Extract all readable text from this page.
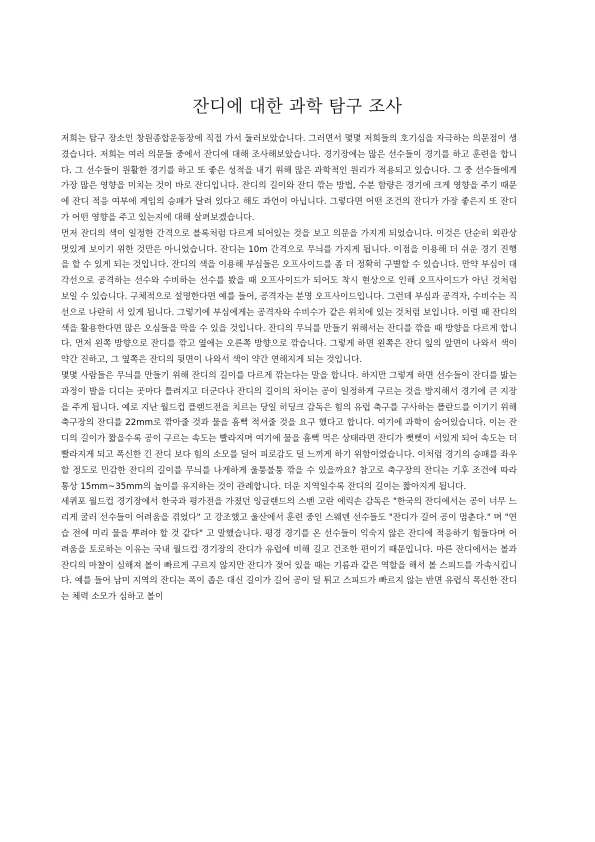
잔디에 대한 과학 탐구 조사

저희는 탐구 장소인 창원종합운동장에 직접 가서 둘러보았습니다. 그러면서 몇몇 저희들의 호기심을 자극하는 의문점이 생겼습니다. 저희는 여러 의문들 중에서 잔디에 대해 조사해보았습니다. 경기장에는 많은 선수들이 경기를 하고 훈련을 합니다. 그 선수들이 원활한 경기를 하고 또 좋은 성적을 내기 위해 많은 과학적인 원리가 적용되고 있습니다. 그 중 선수들에게 가장 많은 영향을 미치는 것이 바로 잔디입니다. 잔디의 길이와 잔디 깎는 방법, 수분 함량은 경기에 크게 영향을 주기 때문에 잔디 적응 여부에 게임의 승패가 달려 있다고 해도 과언이 아닙니다. 그렇다면 어떤 조건의 잔디가 가장 좋은지 또 잔디가 어떤 영향을 주고 있는지에 대해 살펴보겠습니다.

먼저 잔디의 색이 일정한 간격으로 블록처럼 다르게 되어있는 것을 보고 의문을 가지게 되었습니다. 이것은 단순히 외관상 멋있게 보이기 위한 것만은 아니었습니다. 잔디는 10m 간격으로 무늬를 가지게 됩니다. 이점을 이용해 더 쉬운 경기 진행을 할 수 있게 되는 것입니다. 잔디의 색을 이용해 부심들은 오프사이드를 좀 더 정확히 구별할 수 있습니다. 만약 부심이 대각선으로 공격하는 선수와 수비하는 선수를 봤을 때 오프사이드가 되어도 착시 현상으로 인해 오프사이드가 아닌 것처럼 보일 수 있습니다. 구체적으로 설명한다면 예를 들어, 공격자는 분명 오프사이드입니다. 그런데 부심과 공격자, 수비수는 직선으로 나란히 서 있게 됩니다. 그렇기에 부심에게는 공격자와 수비수가 같은 위치에 있는 것처럼 보입니다. 이럴 때 잔디의 색을 활용한다면 많은 오심들을 막을 수 있을 것입니다. 잔디의 무늬를 만들기 위해서는 잔디를 깎을 때 방향을 다르게 합니다. 먼저 왼쪽 방향으로 잔디를 깎고 옆에는 오른쪽 방향으로 깎습니다. 그렇게 하면 왼쪽은 잔디 잎의 앞면이 나와서 색이 약간 진하고, 그 옆쪽은 잔디의 뒷면이 나와서 색이 약간 연해지게 되는 것입니다.

몇몇 사람들은 무늬를 만들기 위해 잔디의 길이를 다르게 깎는다는 말을 합니다. 하지만 그렇게 하면 선수들이 잔디를 밟는 과정이 발을 디디는 곳마다 틀려지고 더군다나 잔디의 길이의 차이는 공이 일정하게 구르는 것을 방지해서 경기에 큰 지장을 주게 됩니다. 예로 지난 월드컵 플랜드전을 치르는 당일 히딩크 감독은 힘의 유럽 축구를 구사하는 폴란드를 이기기 위해 축구장의 잔디를 22mm로 깎아줄 것과 물을 흠뻑 적셔줄 것을 요구 했다고 합니다. 여기에 과학이 숨어있습니다. 이는 잔디의 길이가 짧을수록 공이 구르는 속도는 빨라지며 여기에 물을 흠뻑 먹은 상태라면 잔디가 뻣뻣이 서있게 되어 속도는 더 빨라지게 되고 폭신한 긴 잔디 보다 힘의 소모를 덜어 피로감도 덜 느끼게 하기 위함이였습니다. 이처럼 경기의 승패를 좌우할 정도로 민감한 잔디의 길이를 무늬를 나게하게 울퉁불퉁 깎을 수 있을까요? 참고로 축구장의 잔디는 기후 조건에 따라 통상 15mm~35mm의 높이를 유지하는 것이 관례합니다. 더운 지역일수록 잔디의 길이는 짧아지게 됩니다.

세퀴포 월드컵 경기장에서 한국과 평가전을 가졌던 잉글랜드의 스벤 고란 에릭손 감독은 "한국의 잔디에서는 공이 너무 느리게 굴러 선수들이 어려움을 겪었다" 고 강조했고 울산에서 훈련 중인 스웨덴 선수들도 "잔디가 길어 공이 멈춘다." 며 "연습 전에 미리 물을 뿌려야 할 것 같다" 고 말했습니다. 평경 경기를 온 선수들이 익숙지 않은 잔디에 적응하기 힘들다며 어려움을 토로하는 이유는 국내 월드컵 경기장의 잔디가 유럽에 비해 길고 건조한 편이기 때문입니다. 마른 잔디에서는 볼과 잔디의 마찰이 심해져 볼이 빠르게 구르지 않지만 잔디가 젖어 있을 때는 기름과 같은 역할을 해서 볼 스피드를 가속시킵니다. 예를 들어 남미 지역의 잔디는 폭이 좁은 대신 길이가 길어 공이 덜 튀고 스피드가 빠르지 않는 반면 유럽식 폭신한 잔디는 체력 소모가 심하고 볼이
